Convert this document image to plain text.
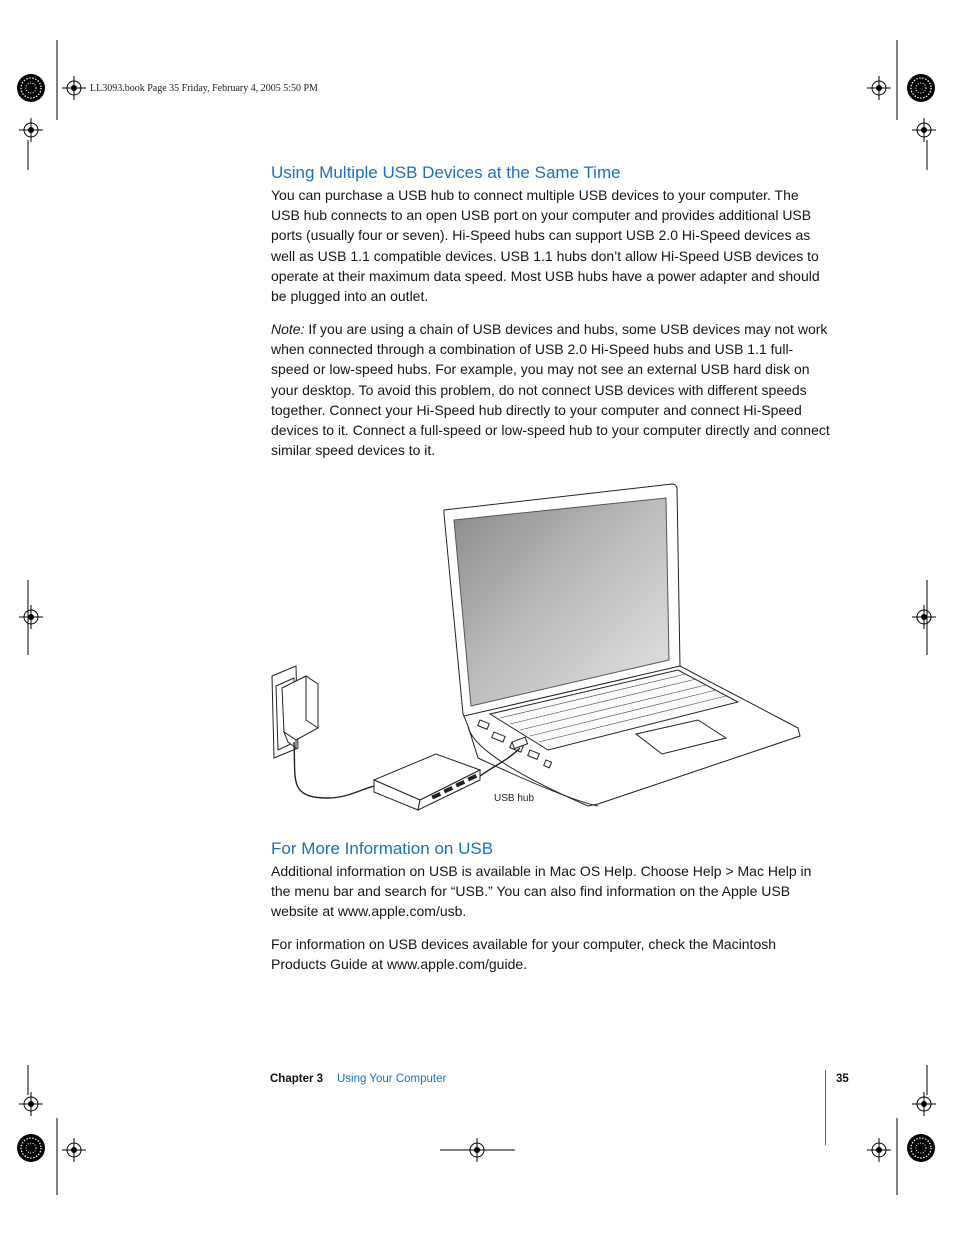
LL3093.book Page 35 Friday, February 4, 2005 5:50 PM
Using Multiple USB Devices at the Same Time

You can purchase a USB hub to connect multiple USB devices to your computer. The USB hub connects to an open USB port on your computer and provides additional USB ports (usually four or seven). Hi-Speed hubs can support USB 2.0 Hi-Speed devices as well as USB 1.1 compatible devices. USB 1.1 hubs don’t allow Hi-Speed USB devices to operate at their maximum data speed. Most USB hubs have a power adapter and should be plugged into an outlet.

Note: If you are using a chain of USB devices and hubs, some USB devices may not work when connected through a combination of USB 2.0 Hi-Speed hubs and USB 1.1 full-speed or low-speed hubs. For example, you may not see an external USB hard disk on your desktop. To avoid this problem, do not connect USB devices with different speeds together. Connect your Hi-Speed hub directly to your computer and connect Hi-Speed devices to it. Connect a full-speed or low-speed hub to your computer directly and connect similar speed devices to it.

USB hub
For More Information on USB

Additional information on USB is available in Mac OS Help. Choose Help > Mac Help in the menu bar and search for “USB.” You can also find information on the Apple USB website at www.apple.com/usb.

For information on USB devices available for your computer, check the Macintosh Products Guide at www.apple.com/guide.

Chapter 3 Using Your Computer	35
